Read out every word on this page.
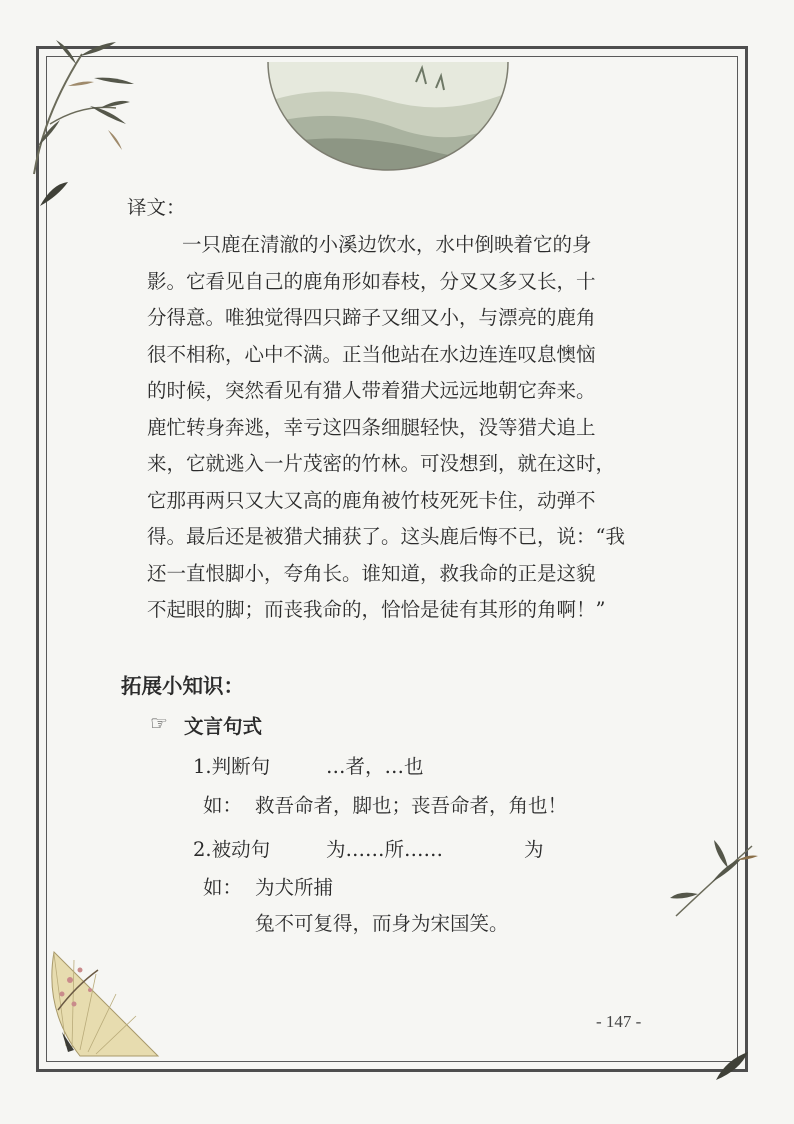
译文：
一只鹿在清澈的小溪边饮水，水中倒映着它的身
影。它看见自己的鹿角形如春枝，分叉又多又长，十
分得意。唯独觉得四只蹄子又细又小，与漂亮的鹿角
很不相称，心中不满。正当他站在水边连连叹息懊恼
的时候，突然看见有猎人带着猎犬远远地朝它奔来。
鹿忙转身奔逃，幸亏这四条细腿轻快，没等猎犬追上
来，它就逃入一片茂密的竹林。可没想到，就在这时，
它那再两只又大又高的鹿角被竹枝死死卡住，动弹不
得。最后还是被猎犬捕获了。这头鹿后悔不已，说：“我
还一直恨脚小，夸角长。谁知道，救我命的正是这貌
不起眼的脚；而丧我命的，恰恰是徒有其形的角啊！”
拓展小知识：
☞ 文言句式
1.判断句	…者，…也
如： 救吾命者，脚也；丧吾命者，角也！
2.被动句	为……所……	为
如： 为犬所捕
兔不可复得，而身为宋国笑。
- 147 -
